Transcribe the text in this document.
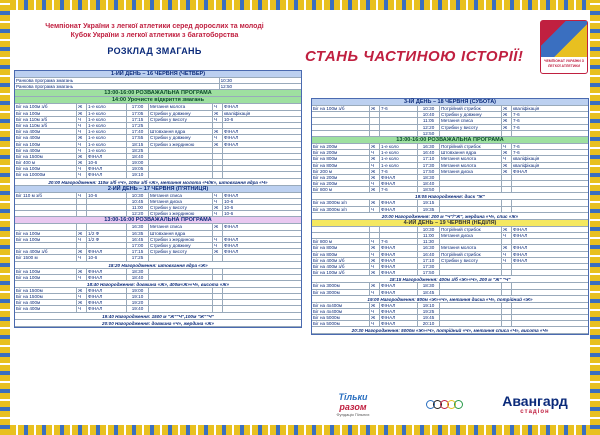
Чемпіонат України з легкої атлетики серед дорослих та молоді
Кубок України з легкої атлетики з багатоборства
РОЗКЛАД ЗМАГАНЬ	СТАНЬ ЧАСТИНОЮ ІСТОРІЇ!	ЧЕМПІОНАТ УКРАЇНИ З ЛЕГКОЇ АТЛЕТИКИ
1-ИЙ ДЕНЬ – 16 ЧЕРВНЯ (ЧЕТВЕР)
Ранкова програма змагань	10:30
Ранкова програма змагань	12:50
13:00-16:00 РОЗВАЖАЛЬНА ПРОГРАМА
14:00 Урочисте відкриття змагань
Біг на 100м з/б	Ж	1-е коло	17:00	Метання молота	Ч	ФІНАЛ
Біг на 100м	Ж	1-е коло	17:05	Стрибки у довжину	Ж	кваліфікація
Біг на 110м з/б	Ч	1-е коло	17:15	Стрибки у висоту	Ч	10-6
Біг на 110м з/б	Ч	1-е коло	17:25
Біг на 400м	Ч	1-е коло	17:40	Штовхання ядра	Ж	ФІНАЛ
Біг на 400м	Ж	1-е коло	17:55	Стрибки у довжину	Ч	ФІНАЛ
Біг на 100м	Ч	1-е коло	18:15	Стрибки з жердиною	Ж	ФІНАЛ
Біг на 400м	Ч	1-е коло	18:25
Біг на 1500м	Ж	ФІНАЛ	18:40
Біг 400 м	Ж	10-6	19:00
Біг на 100м	Ч	ФІНАЛ	19:05
Біг на 10000м	Ч	ФІНАЛ	19:10
20:00 Нагородження: 110м з/б «Ч», 100м з/б «Ж», метання молота «Ч/Ж», штовхання ядра «Ч»
2-ИЙ ДЕНЬ – 17 ЧЕРВНЯ (П'ЯТНИЦЯ)
Біг 110 м з/б	Ч	10-6	10:30	Метання списа	Ч	ФІНАЛ
10:45	Метання диска	Ч	10-6
11:00	Стрибки у висоту	Ж	10-6
12:20	Стрибки з жердиною	Ч	10-6
13:00-16:00 РОЗВАЖАЛЬНА ПРОГРАМА
16:30	Метання списа	Ж	ФІНАЛ
Біг на 100м	Ж	1/2 Ф	16:35	Штовхання ядра
Біг на 100м	Ч	1/2 Ф	16:45	Стрибки з жердиною	Ч	ФІНАЛ
17:00	Стрибки у довжину	Ч	ФІНАЛ
Біг на 400м з/б	Ж	ФІНАЛ	17:15	Стрибки у висоту	Ж	ФІНАЛ
Біг 1500 м	Ч	10-6	17:25
18:20 Нагородження: штовхання ядра «Ж»
Біг на 100м	Ж	ФІНАЛ	18:30
Біг на 100м	Ч	ФІНАЛ	18:40
18:40 Нагородження: довжина «Ж», 400м«Ж»«Ч», висота «Ж»
Біг на 1500м	Ж	ФІНАЛ	19:00
Біг на 1500м	Ч	ФІНАЛ	19:10
Біг на 400м	Ж	ФІНАЛ	19:20
Біг на 400м	Ч	ФІНАЛ	19:40
19:40 Нагородження: 1500 м "Ж""Ч",100м "Ж""Ч"
20:00 Нагородження: довжина «Ч», жердина «Ж»
3-ІЙ ДЕНЬ – 18 ЧЕРВНЯ (СУБОТА)
Біг на 100м з/б	Ж	7-6	10:30	Потрійний стрибок	Ж	кваліфікація
10:40	Стрибки у довжину	Ж	7-6
11:05	Метання списа	Ж	7-6
12:20	Стрибки у висоту	Ж	7-6
12:50
13:00-16:00 РОЗВАЖАЛЬНА ПРОГРАМА
Біг на 200м	Ж	1-е коло	16:30	Потрійний стрибок	Ч	7-6
Біг на 200м	Ч	1-е коло	16:40	Штовхання ядра	Ж	7-6
Біг на 800м	Ж	1-е коло	17:10	Метання молота	Ч	кваліфікація
Біг на 800м	Ч	1-е коло	17:30	Метання молота	Ж	кваліфікація
Біг 200 м	Ж	7-6	17:50	Метання диска	Ж	ФІНАЛ
Біг на 200м	Ж	ФІНАЛ	18:30
Біг на 200м	Ч	ФІНАЛ	18:40
Біг 800 м	Ж	7-6	18:50
19:05 Нагородження: диск "Ж"
Біг на 3000м з/п	Ж	ФІНАЛ	19:15
Біг на 3000м з/п	Ч	ФІНАЛ	19:35
20:00 Нагородження: 200 м "Ч"/"Ж", жердина «Ч», спис «Ж»
4-ИЙ ДЕНЬ – 19 ЧЕРВНЯ (НЕДІЛЯ)
10:30	Потрійний стрибок	Ж	ФІНАЛ
11:00	Метання диска	Ч	ФІНАЛ
Біг 800 м	Ч	7-6	11:30
Біг на 800м	Ж	ФІНАЛ	16:30	Метання молота	Ж	ФІНАЛ
Біг на 800м	Ч	ФІНАЛ	16:40	Потрійний стрибок	Ч	ФІНАЛ
Біг на 400м з/б	Ж	ФІНАЛ	17:10	Стрибки у висоту	Ч	ФІНАЛ
Біг на 400м з/б	Ч	ФІНАЛ	17:30
Біг на 100м з/б	Ж	ФІНАЛ	17:50
18:15 Нагородження: 400м з/б «Ж»«Ч», 200 м "Ж" "Ч"
Біг на 3000м	Ж	ФІНАЛ	18:30
Біг на 3000м	Ч	ФІНАЛ	18:45
19:00 Нагородження: 800м «Ж»«Ч», метання диска «Ч», потрійний «Ж»
Біг на 4х400м	Ж	ФІНАЛ	19:10
Біг на 4х400м	Ч	ФІНАЛ	19:25
Біг на 5000м	Ж	ФІНАЛ	19:45
Біг на 5000м	Ч	ФІНАЛ	20:10
20:30 Нагородження: 5000м «Ж»«Ч», потрійний «Ч», метання списа «Ч», висота «Ч»
Тільки
разом
Фундація Пільних
Авангард
стадіон
